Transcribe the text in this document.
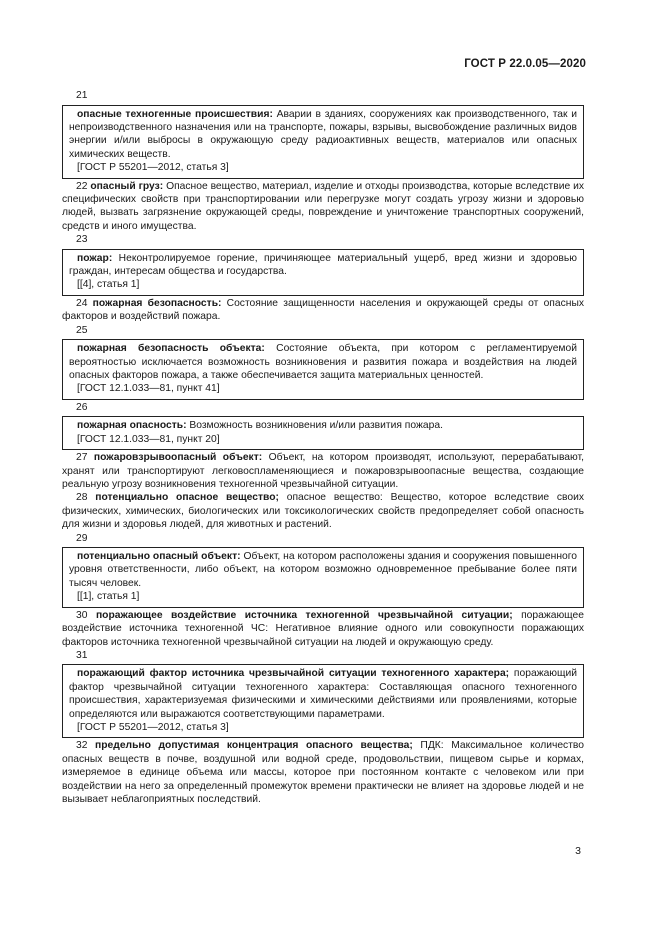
ГОСТ Р 22.0.05—2020
21

опасные техногенные происшествия: Аварии в зданиях, сооружениях как производственного, так и непроизводственного назначения или на транспорте, пожары, взрывы, высвобождение различных видов энергии и/или выбросы в окружающую среду радиоактивных веществ, материалов или опасных химических веществ.

[ГОСТ Р 55201—2012, статья 3]

22 опасный груз: Опасное вещество, материал, изделие и отходы производства, которые вследствие их специфических свойств при транспортировании или перегрузке могут создать угрозу жизни и здоровью людей, вызвать загрязнение окружающей среды, повреждение и уничтожение транспортных сооружений, средств и иного имущества.

23

пожар: Неконтролируемое горение, причиняющее материальный ущерб, вред жизни и здоровью граждан, интересам общества и государства.

[[4], статья 1]

24 пожарная безопасность: Состояние защищенности населения и окружающей среды от опасных факторов и воздействий пожара.

25

пожарная безопасность объекта: Состояние объекта, при котором с регламентируемой вероятностью исключается возможность возникновения и развития пожара и воздействия на людей опасных факторов пожара, а также обеспечивается защита материальных ценностей.

[ГОСТ 12.1.033—81, пункт 41]

26

пожарная опасность: Возможность возникновения и/или развития пожара.

[ГОСТ 12.1.033—81, пункт 20]

27 пожаровзрывоопасный объект: Объект, на котором производят, используют, перерабатывают, хранят или транспортируют легковоспламеняющиеся и пожаровзрывоопасные вещества, создающие реальную угрозу возникновения техногенной чрезвычайной ситуации.

28 потенциально опасное вещество; опасное вещество: Вещество, которое вследствие своих физических, химических, биологических или токсикологических свойств предопределяет собой опасность для жизни и здоровья людей, для животных и растений.

29

потенциально опасный объект: Объект, на котором расположены здания и сооружения повышенного уровня ответственности, либо объект, на котором возможно одновременное пребывание более пяти тысяч человек.

[[1], статья 1]

30 поражающее воздействие источника техногенной чрезвычайной ситуации; поражающее воздействие источника техногенной ЧС: Негативное влияние одного или совокупности поражающих факторов источника техногенной чрезвычайной ситуации на людей и окружающую среду.

31

поражающий фактор источника чрезвычайной ситуации техногенного характера; поражающий фактор чрезвычайной ситуации техногенного характера: Составляющая опасного техногенного происшествия, характеризуемая физическими и химическими действиями или проявлениями, которые определяются или выражаются соответствующими параметрами.

[ГОСТ Р 55201—2012, статья 3]

32 предельно допустимая концентрация опасного вещества; ПДК: Максимальное количество опасных веществ в почве, воздушной или водной среде, продовольствии, пищевом сырье и кормах, измеряемое в единице объема или массы, которое при постоянном контакте с человеком или при воздействии на него за определенный промежуток времени практически не влияет на здоровье людей и не вызывает неблагоприятных последствий.

3
